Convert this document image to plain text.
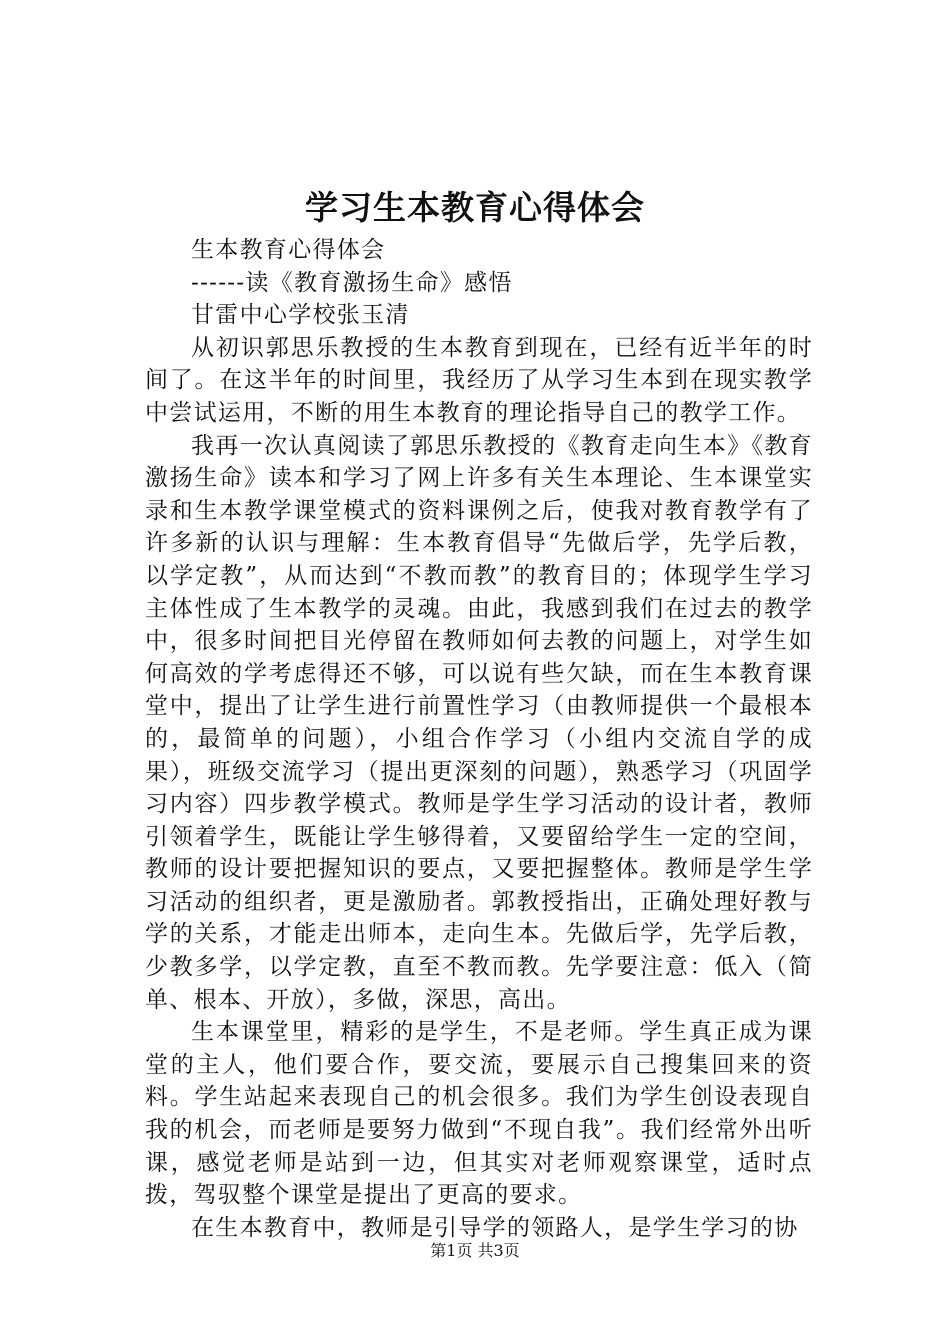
学习生本教育心得体会

生本教育心得体会

------读《教育激扬生命》感悟

甘雷中心学校张玉清

从初识郭思乐教授的生本教育到现在，已经有近半年的时间了。在这半年的时间里，我经历了从学习生本到在现实教学中尝试运用，不断的用生本教育的理论指导自己的教学工作。

我再一次认真阅读了郭思乐教授的《教育走向生本》《教育激扬生命》读本和学习了网上许多有关生本理论、生本课堂实录和生本教学课堂模式的资料课例之后，使我对教育教学有了许多新的认识与理解：生本教育倡导“先做后学，先学后教，以学定教”，从而达到“不教而教”的教育目的；体现学生学习主体性成了生本教学的灵魂。由此，我感到我们在过去的教学中，很多时间把目光停留在教师如何去教的问题上，对学生如何高效的学考虑得还不够，可以说有些欠缺，而在生本教育课堂中，提出了让学生进行前置性学习（由教师提供一个最根本的，最简单的问题），小组合作学习（小组内交流自学的成果），班级交流学习（提出更深刻的问题），熟悉学习（巩固学习内容）四步教学模式。教师是学生学习活动的设计者，教师引领着学生，既能让学生够得着，又要留给学生一定的空间，教师的设计要把握知识的要点，又要把握整体。教师是学生学习活动的组织者，更是激励者。郭教授指出，正确处理好教与学的关系，才能走出师本，走向生本。先做后学，先学后教，少教多学，以学定教，直至不教而教。先学要注意：低入（简单、根本、开放），多做，深思，高出。

生本课堂里，精彩的是学生，不是老师。学生真正成为课堂的主人，他们要合作，要交流，要展示自己搜集回来的资料。学生站起来表现自己的机会很多。我们为学生创设表现自我的机会，而老师是要努力做到“不现自我”。我们经常外出听课，感觉老师是站到一边，但其实对老师观察课堂，适时点拨，驾驭整个课堂是提出了更高的要求。

在生本教育中，教师是引导学的领路人，是学生学习的协

第1页 共3页
